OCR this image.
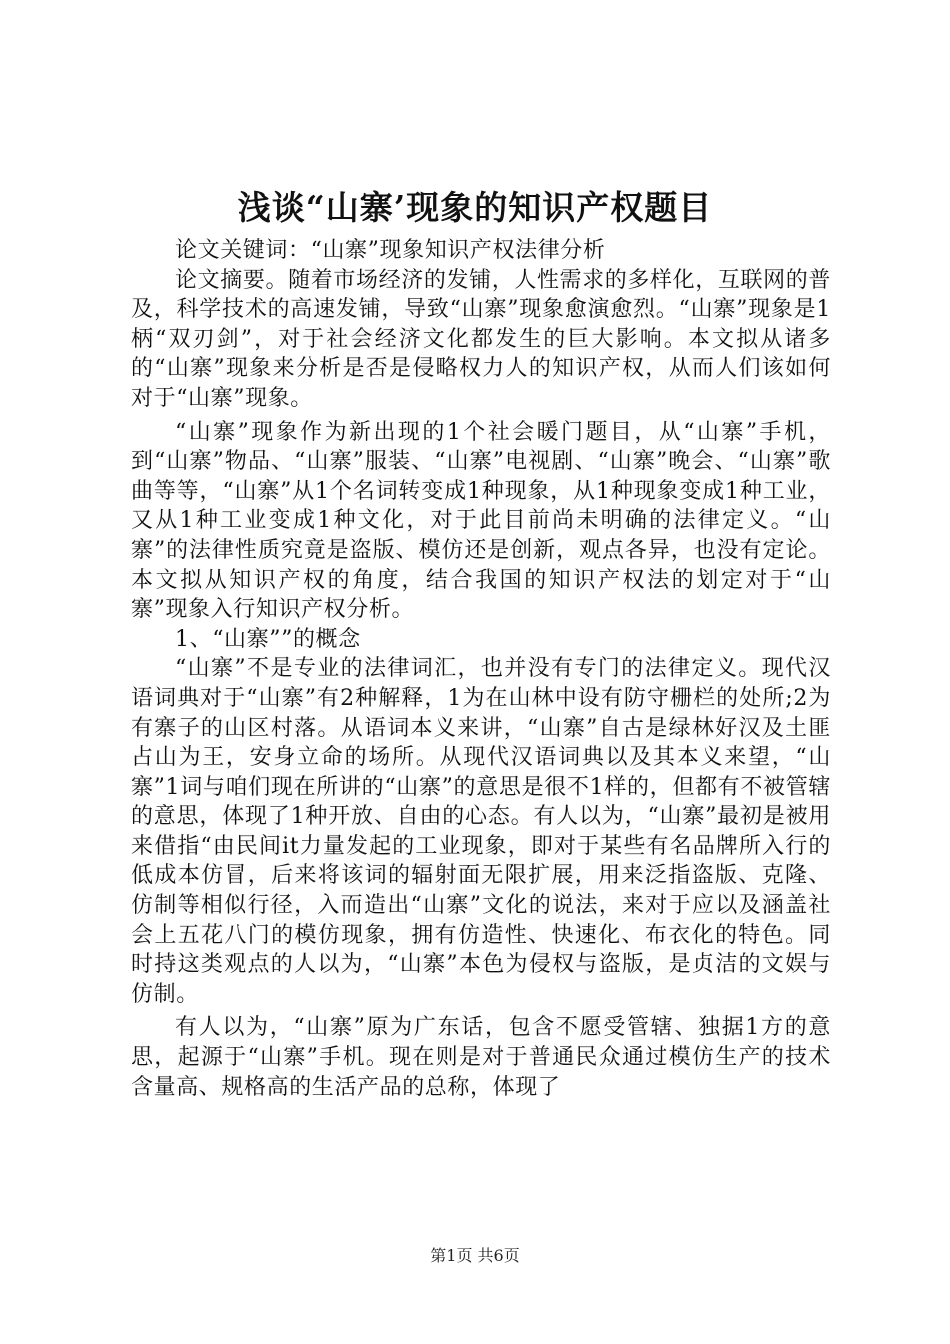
浅谈“山寨’现象的知识产权题目

论文关键词：“山寨”现象知识产权法律分析

论文摘要。随着市场经济的发铺，人性需求的多样化，互联网的普及，科学技术的高速发铺，导致“山寨”现象愈演愈烈。“山寨”现象是1柄“双刃剑”，对于社会经济文化都发生的巨大影响。本文拟从诸多的“山寨”现象来分析是否是侵略权力人的知识产权，从而人们该如何对于“山寨”现象。

“山寨”现象作为新出现的1个社会暖门题目，从“山寨”手机，到“山寨”物品、“山寨”服装、“山寨”电视剧、“山寨”晚会、“山寨”歌曲等等，“山寨”从1个名词转变成1种现象，从1种现象变成1种工业，又从1种工业变成1种文化，对于此目前尚未明确的法律定义。“山寨”的法律性质究竟是盗版、模仿还是创新，观点各异，也没有定论。本文拟从知识产权的角度，结合我国的知识产权法的划定对于“山寨”现象入行知识产权分析。

1、“山寨””的概念

“山寨”不是专业的法律词汇，也并没有专门的法律定义。现代汉语词典对于“山寨”有2种解释，1为在山林中设有防守栅栏的处所;2为有寨子的山区村落。从语词本义来讲，“山寨”自古是绿林好汉及土匪占山为王，安身立命的场所。从现代汉语词典以及其本义来望，“山寨”1词与咱们现在所讲的“山寨”的意思是很不1样的，但都有不被管辖的意思，体现了1种开放、自由的心态。有人以为，“山寨”最初是被用来借指“由民间it力量发起的工业现象，即对于某些有名品牌所入行的低成本仿冒，后来将该词的辐射面无限扩展，用来泛指盗版、克隆、仿制等相似行径，入而造出“山寨”文化的说法，来对于应以及涵盖社会上五花八门的模仿现象，拥有仿造性、快速化、布衣化的特色。同时持这类观点的人以为，“山寨”本色为侵权与盗版，是贞洁的文娱与仿制。

有人以为，“山寨”原为广东话，包含不愿受管辖、独据1方的意思，起源于“山寨”手机。现在则是对于普通民众通过模仿生产的技术含量高、规格高的生活产品的总称，体现了

第1页 共6页
